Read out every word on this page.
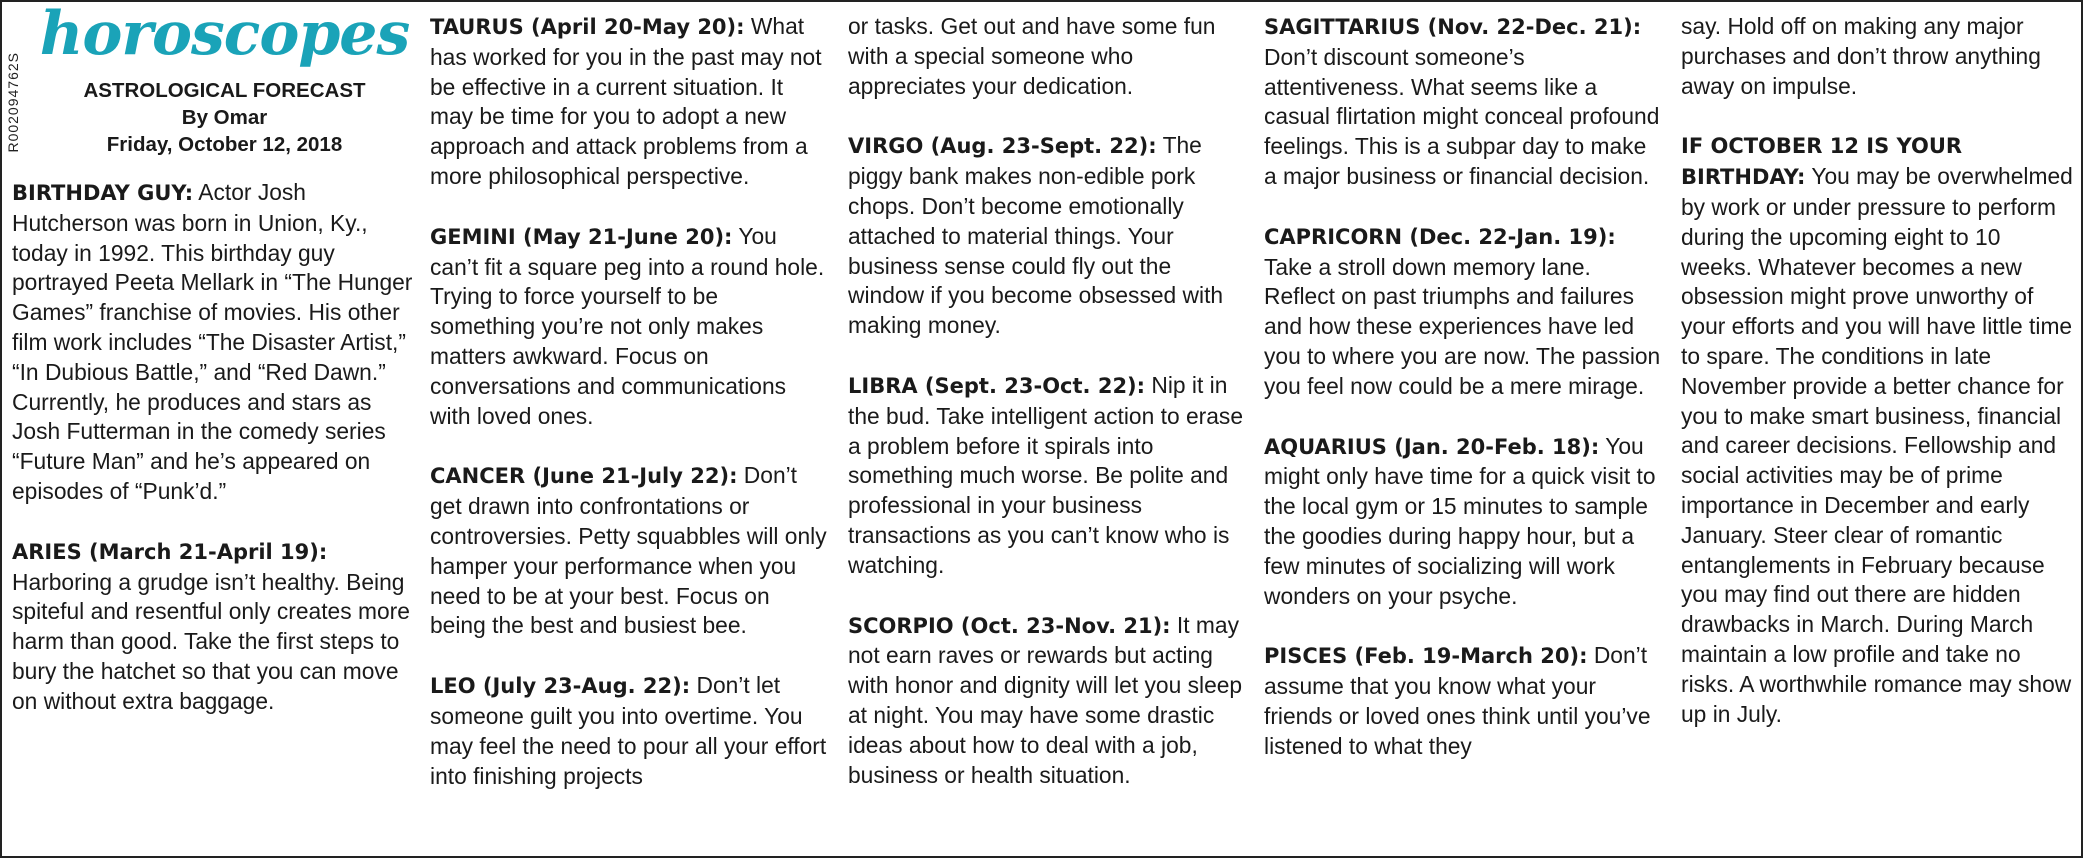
R002094762S
horoscopes
ASTROLOGICAL FORECAST
By Omar
Friday, October 12, 2018

BIRTHDAY GUY: Actor Josh Hutcherson was born in Union, Ky., today in 1992. This birthday guy portrayed Peeta Mellark in “The Hunger Games” franchise of movies. His other film work includes “The Disaster Artist,” “In Dubious Battle,” and “Red Dawn.” Currently, he produces and stars as Josh Futterman in the comedy series “Future Man” and he’s appeared on episodes of “Punk’d.”

ARIES (March 21-April 19): Harboring a grudge isn’t healthy. Being spiteful and resentful only creates more harm than good. Take the first steps to bury the hatchet so that you can move on without extra baggage.

TAURUS (April 20-May 20): What has worked for you in the past may not be effective in a current situation. It may be time for you to adopt a new approach and attack problems from a more philosophical perspective.

GEMINI (May 21-June 20): You can’t fit a square peg into a round hole. Trying to force yourself to be something you’re not only makes matters awkward. Focus on conversations and communications with loved ones.

CANCER (June 21-July 22): Don’t get drawn into confrontations or controversies. Petty squabbles will only hamper your performance when you need to be at your best. Focus on being the best and busiest bee.

LEO (July 23-Aug. 22): Don’t let someone guilt you into overtime. You may feel the need to pour all your effort into finishing projects

or tasks. Get out and have some fun with a special someone who appreciates your dedication.

VIRGO (Aug. 23-Sept. 22): The piggy bank makes non-edible pork chops. Don’t become emotionally attached to material things. Your business sense could fly out the window if you become obsessed with making money.

LIBRA (Sept. 23-Oct. 22): Nip it in the bud. Take intelligent action to erase a problem before it spirals into something much worse. Be polite and professional in your business transactions as you can’t know who is watching.

SCORPIO (Oct. 23-Nov. 21): It may not earn raves or rewards but acting with honor and dignity will let you sleep at night. You may have some drastic ideas about how to deal with a job, business or health situation.

SAGITTARIUS (Nov. 22-Dec. 21): Don’t discount someone’s attentiveness. What seems like a casual flirtation might conceal profound feelings. This is a subpar day to make a major business or financial decision.

CAPRICORN (Dec. 22-Jan. 19): Take a stroll down memory lane. Reflect on past triumphs and failures and how these experiences have led you to where you are now. The passion you feel now could be a mere mirage.

AQUARIUS (Jan. 20-Feb. 18): You might only have time for a quick visit to the local gym or 15 minutes to sample the goodies during happy hour, but a few minutes of socializing will work wonders on your psyche.

PISCES (Feb. 19-March 20): Don’t assume that you know what your friends or loved ones think until you’ve listened to what they

say. Hold off on making any major purchases and don’t throw anything away on impulse.

IF OCTOBER 12 IS YOUR BIRTHDAY: You may be overwhelmed by work or under pressure to perform during the upcoming eight to 10 weeks. Whatever becomes a new obsession might prove unworthy of your efforts and you will have little time to spare. The conditions in late November provide a better chance for you to make smart business, financial and career decisions. Fellowship and social activities may be of prime importance in December and early January. Steer clear of romantic entanglements in February because you may find out there are hidden drawbacks in March. During March maintain a low profile and take no risks. A worthwhile romance may show up in July.
